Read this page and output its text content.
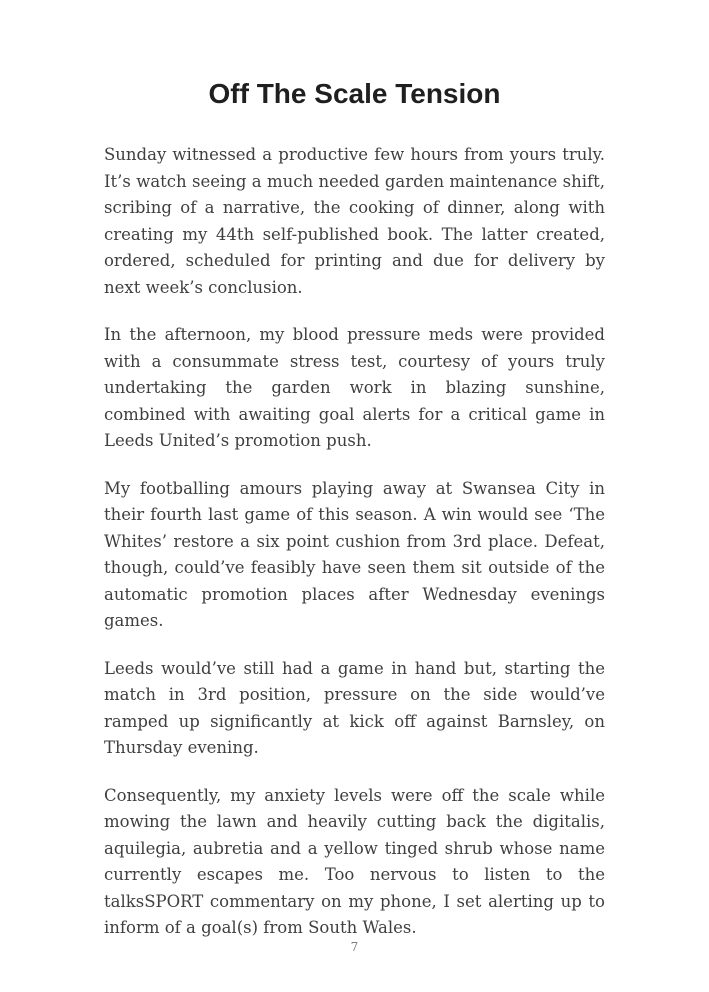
Off The Scale Tension

Sunday witnessed a productive few hours from yours truly. It’s watch seeing a much needed garden maintenance shift, scribing of a narrative, the cooking of dinner, along with creating my 44th self-published book. The latter created, ordered, scheduled for printing and due for delivery by next week’s conclusion.

In the afternoon, my blood pressure meds were provided with a consummate stress test, courtesy of yours truly undertaking the garden work in blazing sunshine, combined with awaiting goal alerts for a critical game in Leeds United’s promotion push.

My footballing amours playing away at Swansea City in their fourth last game of this season. A win would see ‘The Whites’ restore a six point cushion from 3rd place. Defeat, though, could’ve feasibly have seen them sit outside of the automatic promotion places after Wednesday evenings games.

Leeds would’ve still had a game in hand but, starting the match in 3rd position, pressure on the side would’ve ramped up significantly at kick off against Barnsley, on Thursday evening.

Consequently, my anxiety levels were off the scale while mowing the lawn and heavily cutting back the digitalis, aquilegia, aubretia and a yellow tinged shrub whose name currently escapes me. Too nervous to listen to the talksSPORT commentary on my phone, I set alerting up to inform of a goal(s) from South Wales.

7
